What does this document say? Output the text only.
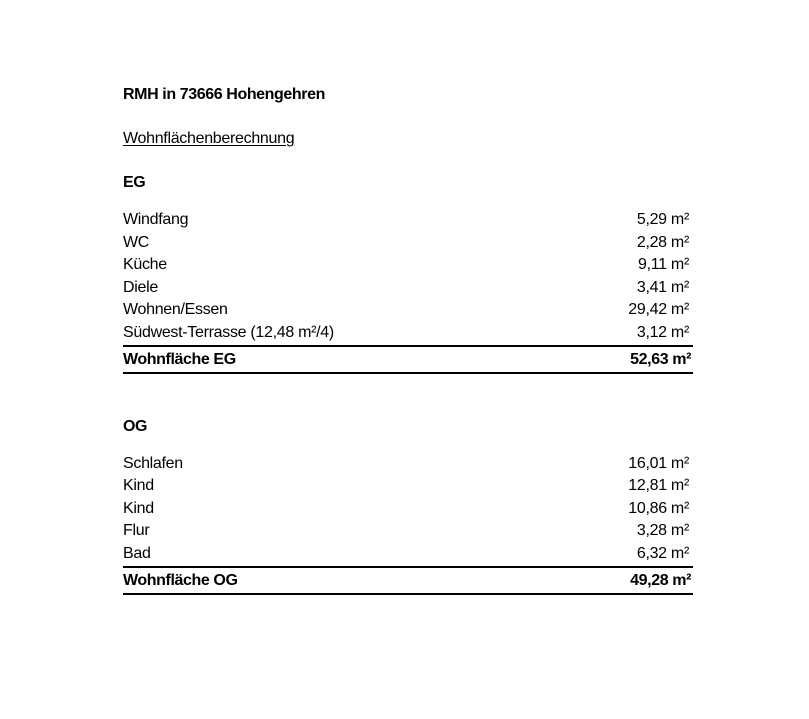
RMH in 73666 Hohengehren
Wohnflächenberechnung
EG
Windfang	5,29 m²
WC	2,28 m²
Küche	9,11 m²
Diele	3,41 m²
Wohnen/Essen	29,42 m²
Südwest-Terrasse (12,48 m²/4)	3,12 m²
Wohnfläche EG	52,63 m²
OG
Schlafen	16,01 m²
Kind	12,81 m²
Kind	10,86 m²
Flur	3,28 m²
Bad	6,32 m²
Wohnfläche OG	49,28 m²
